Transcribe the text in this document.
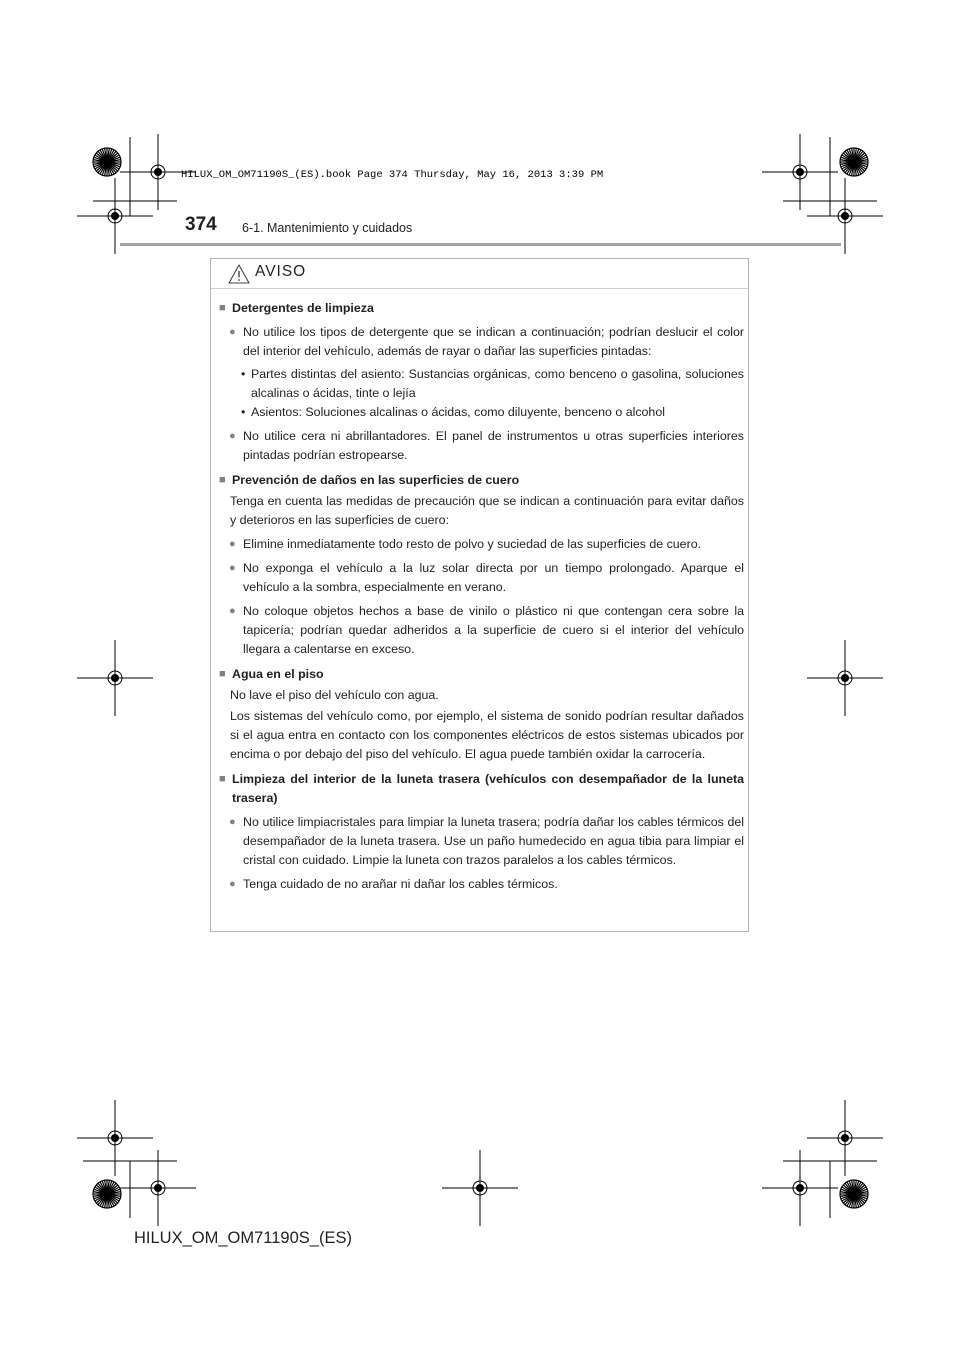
HILUX_OM_OM71190S_(ES).book Page 374 Thursday, May 16, 2013 3:39 PM
374 6-1. Mantenimiento y cuidados
AVISO
■ Detergentes de limpieza
● No utilice los tipos de detergente que se indican a continuación; podrían deslucir el color del interior del vehículo, además de rayar o dañar las superficies pintadas:
• Partes distintas del asiento: Sustancias orgánicas, como benceno o gasolina, soluciones alcalinas o ácidas, tinte o lejía
• Asientos: Soluciones alcalinas o ácidas, como diluyente, benceno o alcohol
● No utilice cera ni abrillantadores. El panel de instrumentos u otras superficies interiores pintadas podrían estropearse.
■ Prevención de daños en las superficies de cuero
Tenga en cuenta las medidas de precaución que se indican a continuación para evitar daños y deterioros en las superficies de cuero:
● Elimine inmediatamente todo resto de polvo y suciedad de las superficies de cuero.
● No exponga el vehículo a la luz solar directa por un tiempo prolongado. Aparque el vehículo a la sombra, especialmente en verano.
● No coloque objetos hechos a base de vinilo o plástico ni que contengan cera sobre la tapicería; podrían quedar adheridos a la superficie de cuero si el interior del vehículo llegara a calentarse en exceso.
■ Agua en el piso
No lave el piso del vehículo con agua.
Los sistemas del vehículo como, por ejemplo, el sistema de sonido podrían resultar dañados si el agua entra en contacto con los componentes eléctricos de estos sistemas ubicados por encima o por debajo del piso del vehículo. El agua puede también oxidar la carrocería.
■ Limpieza del interior de la luneta trasera (vehículos con desempañador de la luneta trasera)
● No utilice limpiacristales para limpiar la luneta trasera; podría dañar los cables térmicos del desempañador de la luneta trasera. Use un paño humedecido en agua tibia para limpiar el cristal con cuidado. Limpie la luneta con trazos paralelos a los cables térmicos.
● Tenga cuidado de no arañar ni dañar los cables térmicos.
HILUX_OM_OM71190S_(ES)
